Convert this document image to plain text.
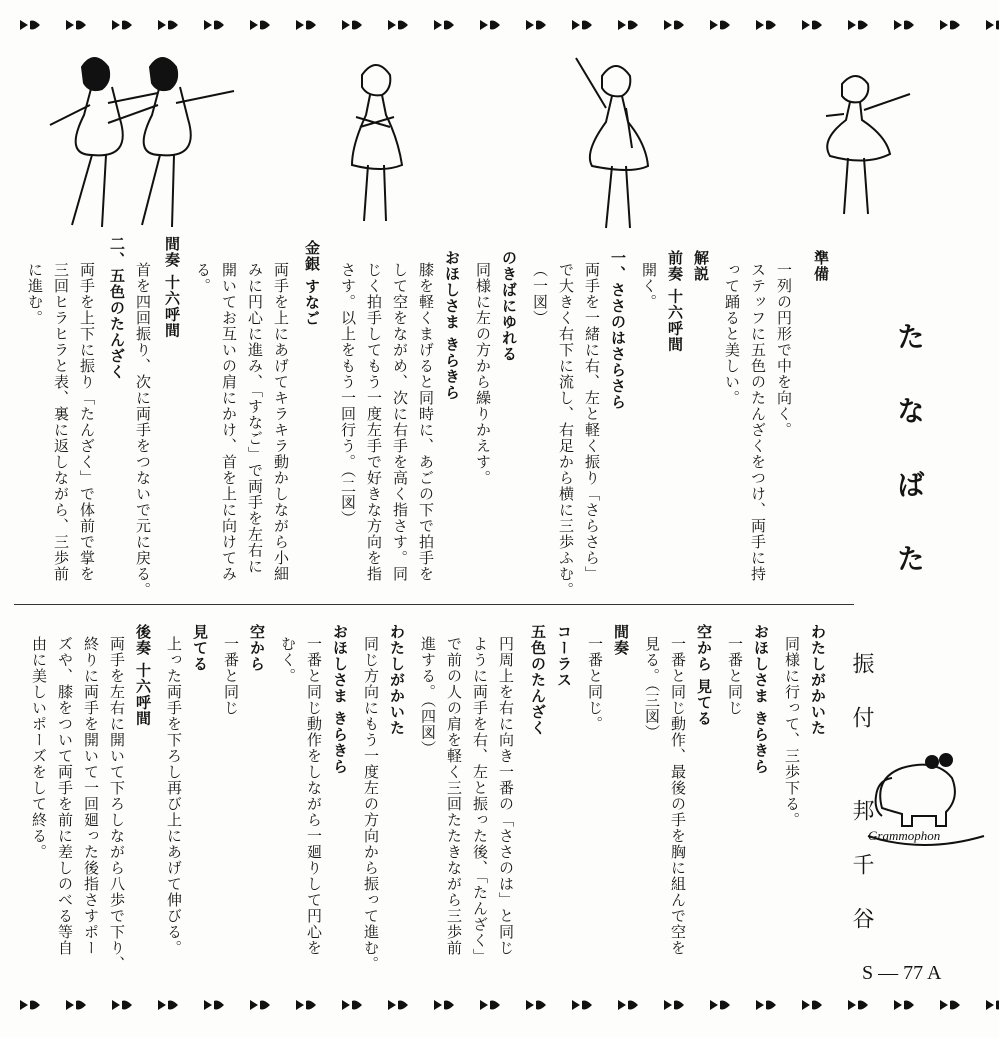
たなばた
振付 邦千谷
Grammophon
S — 77 A
準備
一列の円形で中を向く。
ステッフに五色のたんざくをつけ、両手に持
って踊ると美しい。
解説
前奏 十六呼間
開く。
一、ささのはさらさら
両手を一緒に右、左と軽く振り「さらさら」
で大きく右下に流し、右足から横に三歩ふむ。
（一図）
のきばにゆれる
同様に左の方から繰りかえす。
おほしさま きらきら
膝を軽くまげると同時に、あごの下で拍手を
して空をながめ、次に右手を高く指さす。同
じく拍手してもう一度左手で好きな方向を指
さす。以上をもう一回行う。（二図）
金銀 すなご
両手を上にあげてキラキラ動かしながら小細
みに円心に進み、「すなご」で両手を左右に
開いてお互いの肩にかけ、首を上に向けてみ
る。
間奏 十六呼間
首を四回振り、次に両手をつないで元に戻る。
二、五色のたんざく
両手を上下に振り「たんざく」で体前で掌を
三回ヒラヒラと表、裏に返しながら、三歩前
に進む。
わたしがかいた
同様に行って、三歩下る。
おほしさま きらきら
一番と同じ
空から 見てる
一番と同じ動作、最後の手を胸に組んで空を
見る。（三図）
間奏
一番と同じ。
コーラス
五色のたんざく
円周上を右に向き一番の「ささのは」と同じ
ように両手を右、左と振った後、「たんざく」
で前の人の肩を軽く三回たたきながら三歩前
進する。（四図）
わたしがかいた
同じ方向にもう一度左の方向から振って進む。
おほしさま きらきら
一番と同じ動作をしながら一廻りして円心を
むく。
空から
一番と同じ
見てる
上った両手を下ろし再び上にあげて伸びる。
後奏 十六呼間
両手を左右に開いて下ろしながら八歩で下り、
終りに両手を開いて一回廻った後指さすポー
ズや、膝をついて両手を前に差しのべる等自
由に美しいポーズをして終る。
